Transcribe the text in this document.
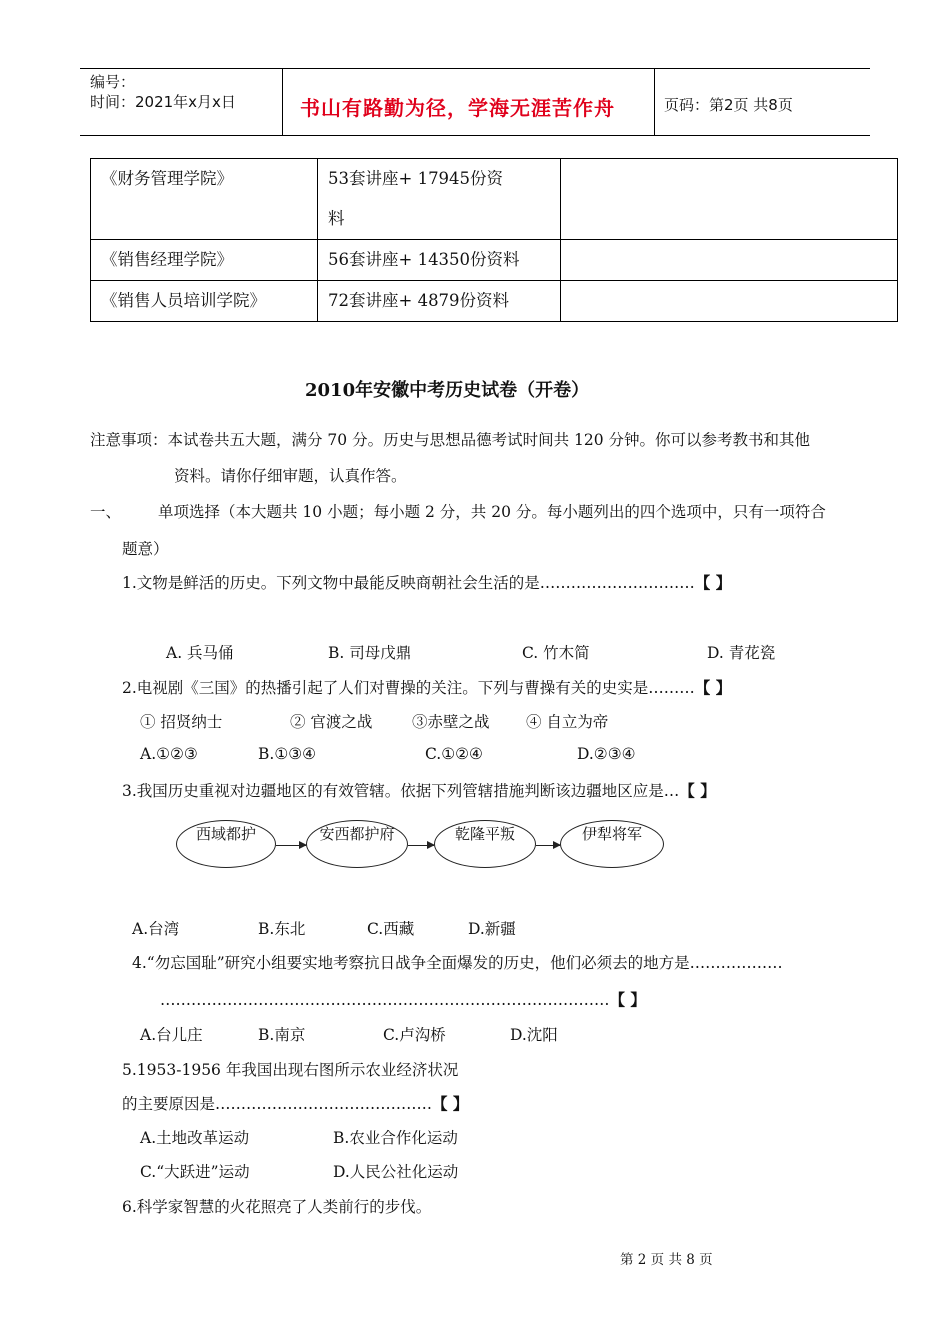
编号：
时间：2021年x月x日	书山有路勤为径，学海无涯苦作舟	页码：第2页 共8页
《财务管理学院》	53套讲座+ 17945份资
料	
《销售经理学院》	56套讲座+ 14350份资料	
《销售人员培训学院》	72套讲座+ 4879份资料	
2010年安徽中考历史试卷（开卷）
注意事项：本试卷共五大题，满分 70 分。历史与思想品德考试时间共 120 分钟。你可以参考教书和其他
资料。请你仔细审题，认真作答。
一、 单项选择（本大题共 10 小题；每小题 2 分，共 20 分。每小题列出的四个选项中，只有一项符合
题意）
1.文物是鲜活的历史。下列文物中最能反映商朝社会生活的是…………………………【 】
A. 兵马俑	B. 司母戊鼎	C. 竹木简	D. 青花瓷
2.电视剧《三国》的热播引起了人们对曹操的关注。下列与曹操有关的史实是………【 】
① 招贤纳士	② 官渡之战	③赤壁之战 ④ 自立为帝
A.①②③	B.①③④	C.①②④	D.②③④
3.我国历史重视对边疆地区的有效管辖。依据下列管辖措施判断该边疆地区应是…【 】
西域都护	安西都护府	乾隆平叛	伊犁将军
A.台湾	B.东北	C.西藏	D.新疆
4.“勿忘国耻”研究小组要实地考察抗日战争全面爆发的历史，他们必须去的地方是………………
……………………………………………………………………………【 】
A.台儿庄	B.南京	C.卢沟桥	D.沈阳
5.1953-1956 年我国出现右图所示农业经济状况
的主要原因是……………………………………【 】
A.土地改革运动	B.农业合作化运动
C.“大跃进”运动	D.人民公社化运动
6.科学家智慧的火花照亮了人类前行的步伐。
第 2 页 共 8 页
